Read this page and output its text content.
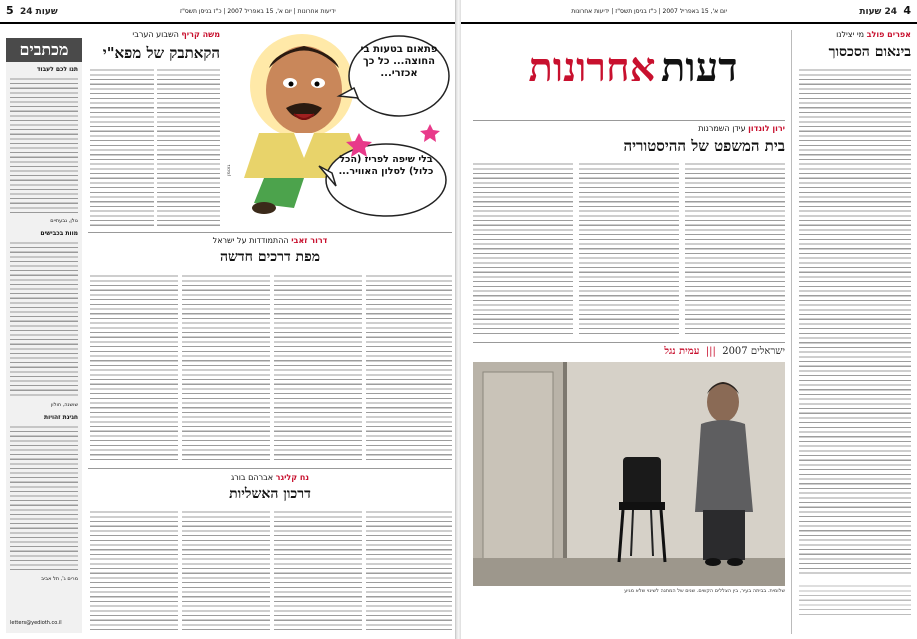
5 24 שעות	ידיעות אחרונות | יום א', 15 באפריל 2007 | כ"ז בניסן תשס"ז
מכתבים
תנו לכם לעבוד
גולן, גבעתיים
מוות בכבישים
שושנה, חולון
חגיגת זהויות
מרים ג', תל אביב
letters@yedioth.co.il
משה קריף השבוע הערבי
הקאתבק של מפא"י	פתאום בטעות בי החוצה... כל כך אכזרי...
בלי שיפה לפריז (הכל כלול) לסלון האוויר...
גוטמן
דרור זאבי ההתמודדות על ישראל
מפת דרכים חדשה
נח קליגר אברהם בורג
דרכון האשליות
4  24 שעות
יום א', 15 באפריל 2007 | כ"ז בניסן תשס"ז | ידיעות אחרונות
דעות אחרונות
אפרים פולב מי יצילנו
בינאום הסכסוך
ירון לונדון עידן השמרנות
בית המשפט של ההיסטוריה
ישראלים 2007  |||  עמית נגל
שלומית. בביתה בעיר, בין הצללים הקשים. שנים של המתנה לשינוי שלא מגיע
